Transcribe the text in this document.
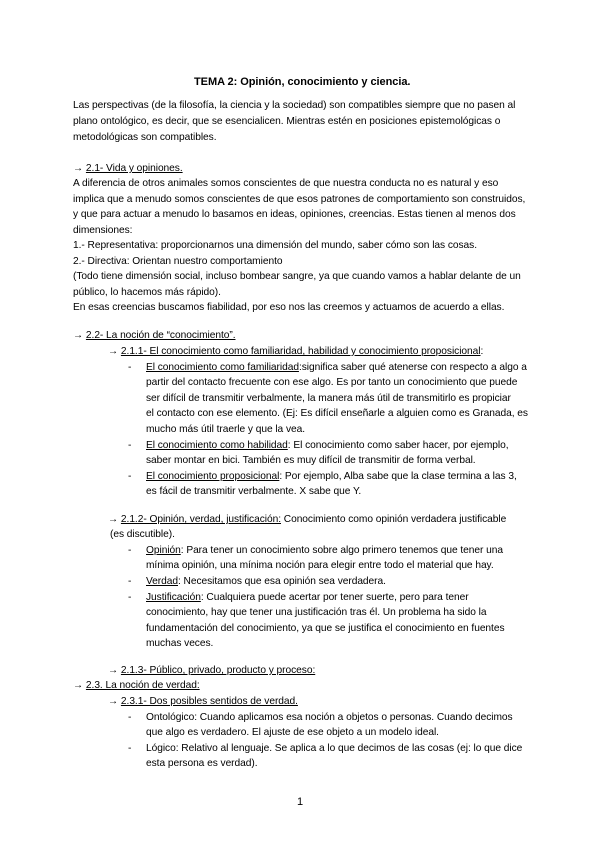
TEMA 2: Opinión, conocimiento y ciencia.
Las perspectivas (de la filosofía, la ciencia y la sociedad) son compatibles siempre que no pasen al
plano ontológico, es decir, que se esencialicen. Mientras estén en posiciones epistemológicas o
metodológicas son compatibles.
→ 2.1- Vida y opiniones.
A diferencia de otros animales somos conscientes de que nuestra conducta no es natural y eso
implica que a menudo somos conscientes de que esos patrones de comportamiento son construidos,
y que para actuar a menudo lo basamos en ideas, opiniones, creencias. Estas tienen al menos dos
dimensiones:
1.- Representativa: proporcionarnos una dimensión del mundo, saber cómo son las cosas.
2.- Directiva: Orientan nuestro comportamiento
(Todo tiene dimensión social, incluso bombear sangre, ya que cuando vamos a hablar delante de un
público, lo hacemos más rápido).
En esas creencias buscamos fiabilidad, por eso nos las creemos y actuamos de acuerdo a ellas.
→ 2.2- La noción de “conocimiento”.
→ 2.1.1- El conocimiento como familiaridad, habilidad y conocimiento proposicional:
- El conocimiento como familiaridad:significa saber qué atenerse con respecto a algo a
partir del contacto frecuente con ese algo. Es por tanto un conocimiento que puede
ser difícil de transmitir verbalmente, la manera más útil de transmitirlo es propiciar
el contacto con ese elemento. (Ej: Es difícil enseñarle a alguien como es Granada, es
mucho más útil traerle y que la vea.
- El conocimiento como habilidad: El conocimiento como saber hacer, por ejemplo,
saber montar en bici. También es muy difícil de transmitir de forma verbal.
- El conocimiento proposicional: Por ejemplo, Alba sabe que la clase termina a las 3,
es fácil de transmitir verbalmente. X sabe que Y.
→ 2.1.2- Opinión, verdad, justificación: Conocimiento como opinión verdadera justificable
(es discutible).
- Opinión: Para tener un conocimiento sobre algo primero tenemos que tener una
mínima opinión, una mínima noción para elegir entre todo el material que hay.
- Verdad: Necesitamos que esa opinión sea verdadera.
- Justificación: Cualquiera puede acertar por tener suerte, pero para tener
conocimiento, hay que tener una justificación tras él. Un problema ha sido la
fundamentación del conocimiento, ya que se justifica el conocimiento en fuentes
muchas veces.
→ 2.1.3- Público, privado, producto y proceso:
→ 2.3. La noción de verdad:
→ 2.3.1- Dos posibles sentidos de verdad.
- Ontológico: Cuando aplicamos esa noción a objetos o personas. Cuando decimos
que algo es verdadero. El ajuste de ese objeto a un modelo ideal.
- Lógico: Relativo al lenguaje. Se aplica a lo que decimos de las cosas (ej: lo que dice
esta persona es verdad).
1
